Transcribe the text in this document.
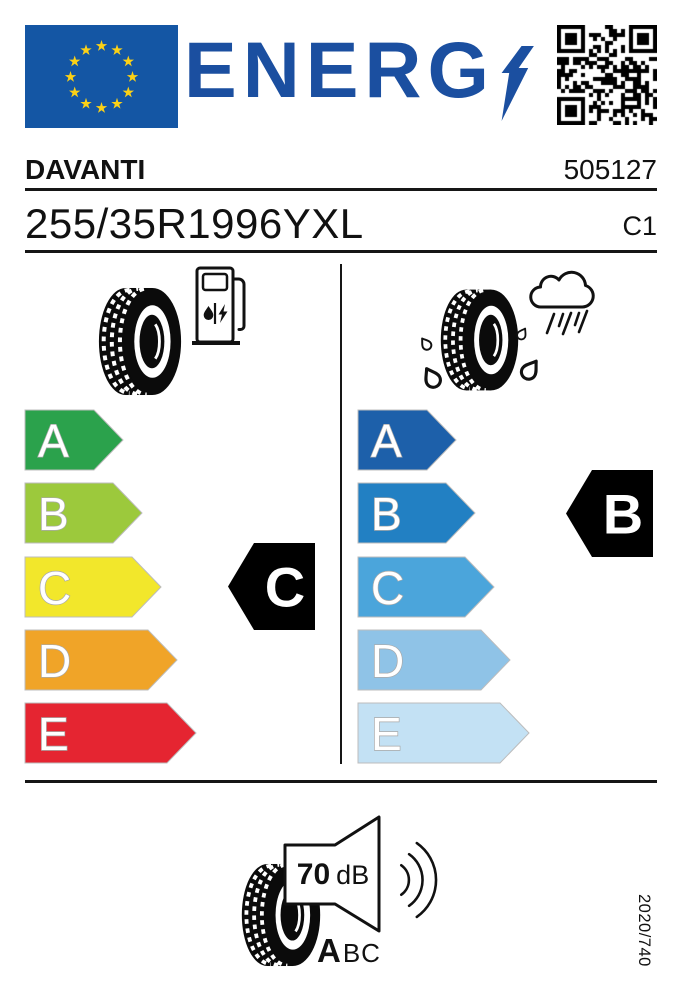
ENERG
DAVANTI	505127
255/35R1996YXL	C1
A
B
C
D
E
A
B
C
D
E
70 dB
A BC	2020/740
C
B
